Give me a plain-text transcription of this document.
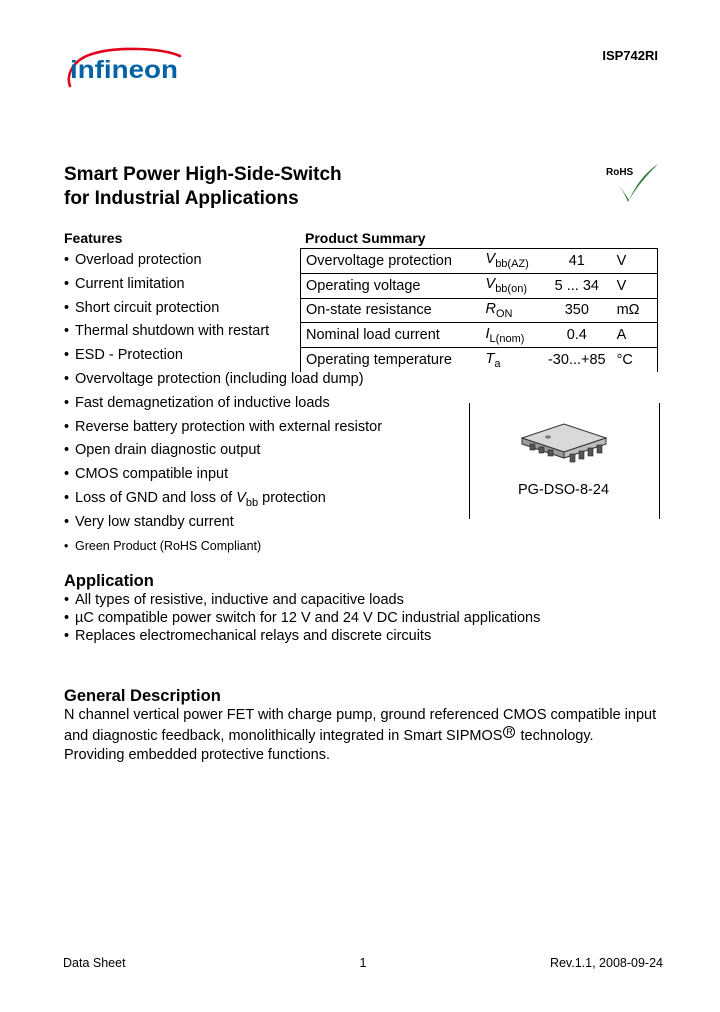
infineon
ISP742RI
Smart Power High-Side-Switch
for Industrial Applications
RoHS
Features
• Overload protection
• Current limitation
• Short circuit protection
• Thermal shutdown with restart
• ESD - Protection
• Overvoltage protection (including load dump)
• Fast demagnetization of inductive loads
• Reverse battery protection with external resistor
• Open drain diagnostic output
• CMOS compatible input
• Loss of GND and loss of $V_{bb}$ protection
• Very low standby current
• Green Product (RoHS Compliant)
Product Summary
Overvoltage protection	$V_{bb(AZ)}$	41	V
Operating voltage	$V_{bb(on)}$	5 ... 34	V
On-state resistance	$R_{ON}$	350	mΩ
Nominal load current	$I_{L(nom)}$	0.4	A
Operating temperature	$T_a$	-30...+85	°C
PG-DSO-8-24
Application
• All types of resistive, inductive and capacitive loads
• µC compatible power switch for 12 V and 24 V DC industrial applications
• Replaces electromechanical relays and discrete circuits
General Description
N channel vertical power FET with charge pump, ground referenced CMOS compatible input
and diagnostic feedback, monolithically integrated in Smart SIPMOS R technology.
Providing embedded protective functions.
Data Sheet	1	Rev.1.1, 2008-09-24
